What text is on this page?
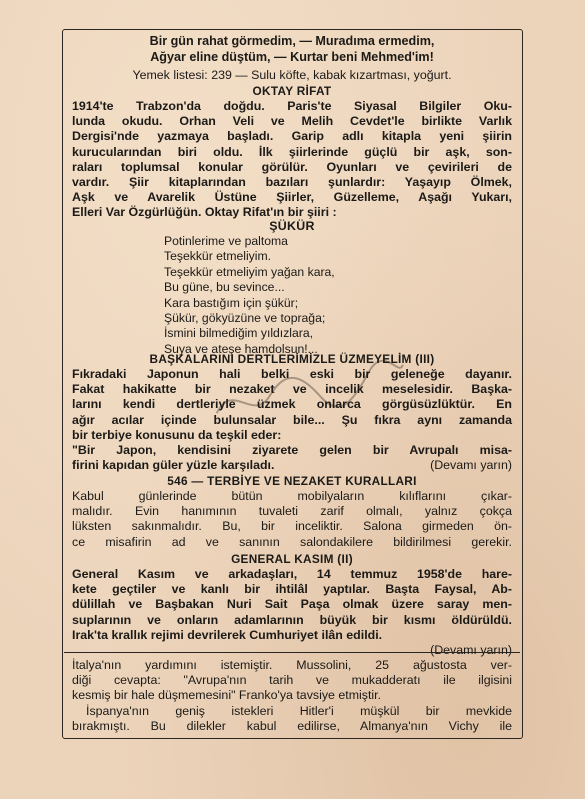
Bir gün rahat görmedim, — Muradıma ermedim,
Ağyar eline düştüm, — Kurtar beni Mehmed'im!
Yemek listesi: 239 — Sulu köfte, kabak kızartması, yoğurt.
OKTAY RİFAT
1914'te Trabzon'da doğdu. Paris'te Siyasal Bilgiler Oku-
lunda okudu. Orhan Veli ve Melih Cevdet'le birlikte Varlık
Dergisi'nde yazmaya başladı. Garip adlı kitapla yeni şiirin
kurucularından biri oldu. İlk şiirlerinde güçlü bir aşk, son-
raları toplumsal konular görülür. Oyunları ve çevirileri de
vardır. Şiir kitaplarından bazıları şunlardır: Yaşayıp Ölmek,
Aşk ve Avarelik Üstüne Şiirler, Güzelleme, Aşağı Yukarı,
Elleri Var Özgürlüğün. Oktay Rifat'ın bir şiiri :
ŞÜKÜR
Potinlerime ve paltoma
Teşekkür etmeliyim.
Teşekkür etmeliyim yağan kara,
Bu güne, bu sevince...
Kara bastığım için şükür;
Şükür, gökyüzüne ve toprağa;
İsmini bilmediğim yıldızlara,
Suya ve ateşe hamdolsun!...
BAŞKALARINI DERTLERİMİZLE ÜZMEYELİM (III)
Fıkradaki Japonun hali belki eski bir geleneğe dayanır.
Fakat hakikatte bir nezaket ve incelik meselesidir. Başka-
larını kendi dertleriyle üzmek onlarca görgüsüzlüktür. En
ağır acılar içinde bulunsalar bile... Şu fıkra aynı zamanda
bir terbiye konusunu da teşkil eder:
"Bir Japon, kendisini ziyarete gelen bir Avrupalı misa-
firini kapıdan güler yüzle karşıladı.	(Devamı yarın)
546 — TERBİYE VE NEZAKET KURALLARI
Kabul günlerinde bütün mobilyaların kılıflarını çıkar-
malıdır. Evin hanımının tuvaleti zarif olmalı, yalnız çokça
lüksten sakınmalıdır. Bu, bir inceliktir. Salona girmeden ön-
ce misafirin ad ve sanının salondakilere bildirilmesi gerekir.
GENERAL KASIM (II)
General Kasım ve arkadaşları, 14 temmuz 1958'de hare-
kete geçtiler ve kanlı bir ihtilâl yaptılar. Başta Faysal, Ab-
dülillah ve Başbakan Nuri Sait Paşa olmak üzere saray men-
suplarının ve onların adamlarının büyük bir kısmı öldürüldü.
Irak'ta krallık rejimi devrilerek Cumhuriyet ilân edildi.
(Devamı yarın)
İtalya'nın yardımını istemiştir. Mussolini, 25 ağustosta ver-
diği cevapta: "Avrupa'nın tarih ve mukadderatı ile ilgisini
kesmiş bir hale düşmemesini" Franko'ya tavsiye etmiştir.
İspanya'nın geniş istekleri Hitler'i müşkül bir mevkide
bırakmıştı. Bu dilekler kabul edilirse, Almanya'nın Vichy ile
